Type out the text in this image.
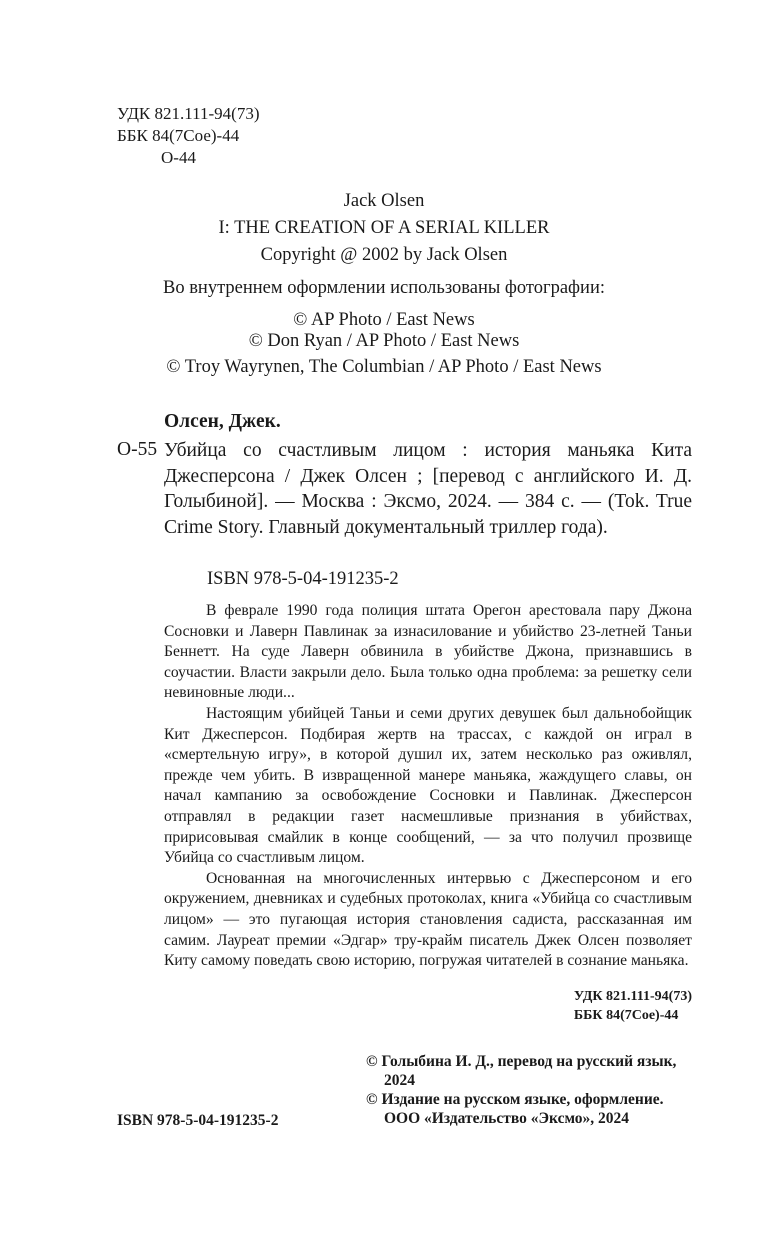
УДК 821.111-94(73)
ББК 84(7Сое)-44
О-44
Jack Olsen
I: THE CREATION OF A SERIAL KILLER
Copyright @ 2002 by Jack Olsen
Во внутреннем оформлении использованы фотографии:
© AP Photo / East News
© Don Ryan / AP Photo / East News
© Troy Wayrynen, The Columbian / AP Photo / East News
Олсен, Джек.
О-55 Убийца со счастливым лицом : история маньяка Кита Джесперсона / Джек Олсен ; [перевод с английского И. Д. Голыбиной]. — Москва : Эксмо, 2024. — 384 с. — (Tok. True Crime Story. Главный документальный триллер года).
ISBN 978-5-04-191235-2

В феврале 1990 года полиция штата Орегон арестовала пару Джона Сосновки и Лаверн Павлинак за изнасилование и убийство 23-летней Таньи Беннетт. На суде Лаверн обвинила в убийстве Джона, признавшись в соучастии. Власти закрыли дело. Была только одна проблема: за решетку сели невиновные люди...

Настоящим убийцей Таньи и семи других девушек был дальнобойщик Кит Джесперсон. Подбирая жертв на трассах, с каждой он играл в «смертельную игру», в которой душил их, затем несколько раз оживлял, прежде чем убить. В извращенной манере маньяка, жаждущего славы, он начал кампанию за освобождение Сосновки и Павлинак. Джесперсон отправлял в редакции газет насмешливые признания в убийствах, пририсовывая смайлик в конце сообщений, — за что получил прозвище Убийца со счастливым лицом.

Основанная на многочисленных интервью с Джесперсоном и его окружением, дневниках и судебных протоколах, книга «Убийца со счастливым лицом» — это пугающая история становления садиста, рассказанная им самим. Лауреат премии «Эдгар» тру-крайм писатель Джек Олсен позволяет Киту самому поведать свою историю, погружая читателей в сознание маньяка.

УДК 821.111-94(73)
ББК 84(7Сое)-44
© Голыбина И. Д., перевод на русский язык, 2024
© Издание на русском языке, оформление. ООО «Издательство «Эксмо», 2024
ISBN 978-5-04-191235-2
